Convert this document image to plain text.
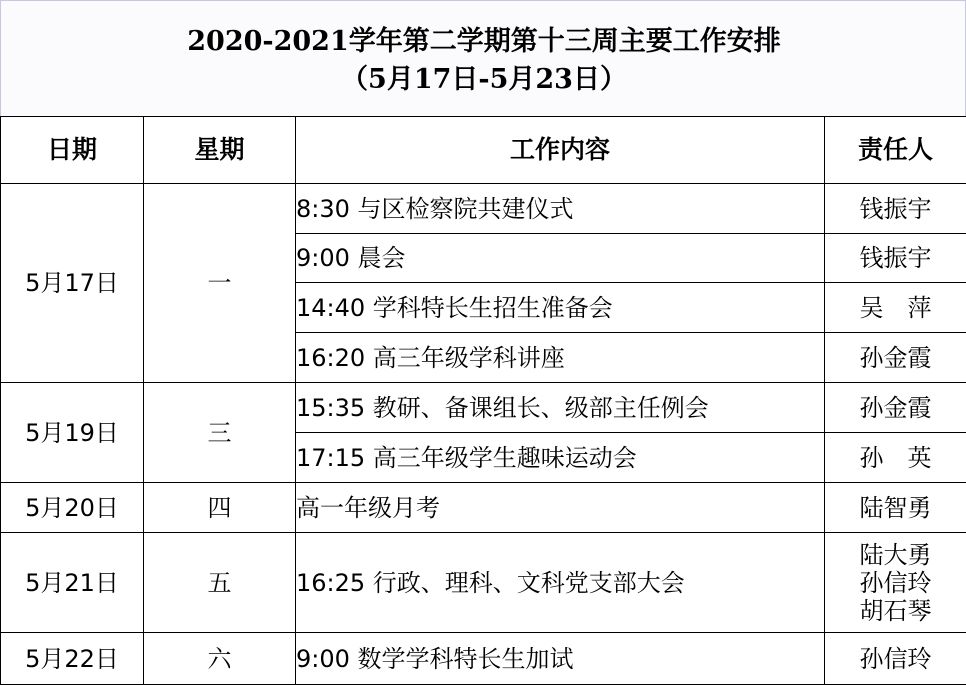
2020-2021学年第二学期第十三周主要工作安排
（5月17日-5月23日）
日期	星期	工作内容	责任人
5月17日	一	8:30 与区检察院共建仪式	钱振宇
		9:00 晨会	钱振宇
		14:40 学科特长生招生准备会	吴　萍
		16:20 高三年级学科讲座	孙金霞
5月19日	三	15:35 教研、备课组长、级部主任例会	孙金霞
		17:15 高三年级学生趣味运动会	孙　英
5月20日	四	高一年级月考	陆智勇
5月21日	五	16:25 行政、理科、文科党支部大会	陆大勇
孙信玲
胡石琴

5月22日	六	9:00 数学学科特长生加试	孙信玲
